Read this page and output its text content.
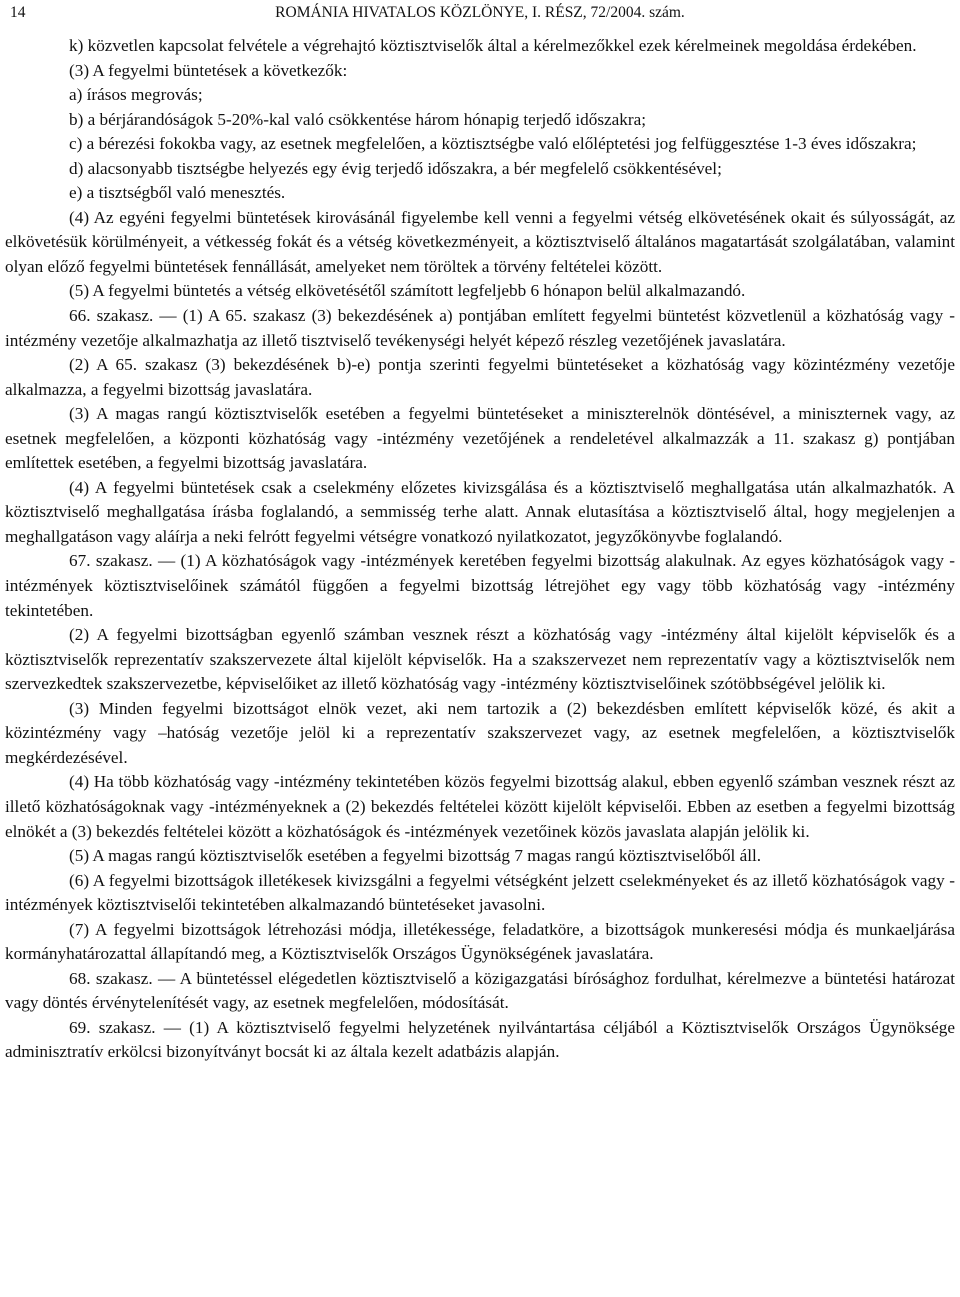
14	ROMÁNIA HIVATALOS KÖZLÖNYE, I. RÉSZ, 72/2004. szám.

k) közvetlen kapcsolat felvétele a végrehajtó köztisztviselők által a kérelmezőkkel ezek kérelmeinek megoldása érdekében.

(3) A fegyelmi büntetések a következők:

a) írásos megrovás;

b) a bérjárandóságok 5-20%-kal való csökkentése három hónapig terjedő időszakra;

c) a bérezési fokokba vagy, az esetnek megfelelően, a köztisztségbe való előléptetési jog felfüggesztése 1-3 éves időszakra;

d) alacsonyabb tisztségbe helyezés egy évig terjedő időszakra, a bér megfelelő csökkentésével;

e) a tisztségből való menesztés.

(4) Az egyéni fegyelmi büntetések kirovásánál figyelembe kell venni a fegyelmi vétség elkövetésének okait és súlyosságát, az elkövetésük körülményeit, a vétkesség fokát és a vétség következményeit, a köztisztviselő általános magatartását szolgálatában, valamint olyan előző fegyelmi büntetések fennállását, amelyeket nem töröltek a törvény feltételei között.

(5) A fegyelmi büntetés a vétség elkövetésétől számított legfeljebb 6 hónapon belül alkalmazandó.

66. szakasz. — (1) A 65. szakasz (3) bekezdésének a) pontjában említett fegyelmi büntetést közvetlenül a közhatóság vagy -intézmény vezetője alkalmazhatja az illető tisztviselő tevékenységi helyét képező részleg vezetőjének javaslatára.

(2) A 65. szakasz (3) bekezdésének b)-e) pontja szerinti fegyelmi büntetéseket a közhatóság vagy közintézmény vezetője alkalmazza, a fegyelmi bizottság javaslatára.

(3) A magas rangú köztisztviselők esetében a fegyelmi büntetéseket a miniszterelnök döntésével, a miniszternek vagy, az esetnek megfelelően, a központi közhatóság vagy -intézmény vezetőjének a rendeletével alkalmazzák a 11. szakasz g) pontjában említettek esetében, a fegyelmi bizottság javaslatára.

(4) A fegyelmi büntetések csak a cselekmény előzetes kivizsgálása és a köztisztviselő meghallgatása után alkalmazhatók. A köztisztviselő meghallgatása írásba foglalandó, a semmisség terhe alatt. Annak elutasítása a köztisztviselő által, hogy megjelenjen a meghallgatáson vagy aláírja a neki felrótt fegyelmi vétségre vonatkozó nyilatkozatot, jegyzőkönyvbe foglalandó.

67. szakasz. — (1) A közhatóságok vagy -intézmények keretében fegyelmi bizottság alakulnak. Az egyes közhatóságok vagy -intézmények köztisztviselőinek számától függően a fegyelmi bizottság létrejöhet egy vagy több közhatóság vagy -intézmény tekintetében.

(2) A fegyelmi bizottságban egyenlő számban vesznek részt a közhatóság vagy -intézmény által kijelölt képviselők és a köztisztviselők reprezentatív szakszervezete által kijelölt képviselők. Ha a szakszervezet nem reprezentatív vagy a köztisztviselők nem szervezkedtek szakszervezetbe, képviselőiket az illető közhatóság vagy -intézmény köztisztviselőinek szótöbbségével jelölik ki.

(3) Minden fegyelmi bizottságot elnök vezet, aki nem tartozik a (2) bekezdésben említett képviselők közé, és akit a közintézmény vagy –hatóság vezetője jelöl ki a reprezentatív szakszervezet vagy, az esetnek megfelelően, a köztisztviselők megkérdezésével.

(4) Ha több közhatóság vagy -intézmény tekintetében közös fegyelmi bizottság alakul, ebben egyenlő számban vesznek részt az illető közhatóságoknak vagy -intézményeknek a (2) bekezdés feltételei között kijelölt képviselői. Ebben az esetben a fegyelmi bizottság elnökét a (3) bekezdés feltételei között a közhatóságok és -intézmények vezetőinek közös javaslata alapján jelölik ki.

(5) A magas rangú köztisztviselők esetében a fegyelmi bizottság 7 magas rangú köztisztviselőből áll.

(6) A fegyelmi bizottságok illetékesek kivizsgálni a fegyelmi vétségként jelzett cselekményeket és az illető közhatóságok vagy -intézmények köztisztviselői tekintetében alkalmazandó büntetéseket javasolni.

(7) A fegyelmi bizottságok létrehozási módja, illetékessége, feladatköre, a bizottságok munkeresési módja és munkaeljárása kormányhatározattal állapítandó meg, a Köztisztviselők Országos Ügynökségének javaslatára.

68. szakasz. — A büntetéssel elégedetlen köztisztviselő a közigazgatási bírósághoz fordulhat, kérelmezve a büntetési határozat vagy döntés érvénytelenítését vagy, az esetnek megfelelően, módosítását.

69. szakasz. — (1) A köztisztviselő fegyelmi helyzetének nyilvántartása céljából a Köztisztviselők Országos Ügynöksége adminisztratív erkölcsi bizonyítványt bocsát ki az általa kezelt adatbázis alapján.
